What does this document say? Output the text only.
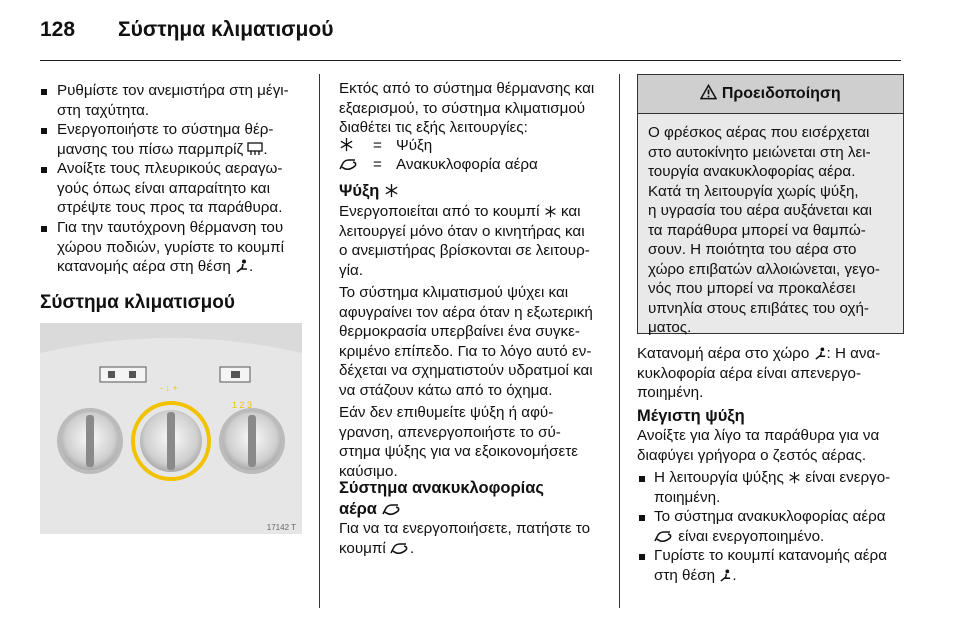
128 Σύστημα κλιματισμού
Ρυθμίστε τον ανεμιστήρα στη μέγι-
στη ταχύτητα.
Ενεργοποιήστε το σύστημα θέρ-
μανσης του πίσω παρμπρίζ .
Ανοίξτε τους πλευρικούς αεραγω-
γούς όπως είναι απαραίτητο και
στρέψτε τους προς τα παράθυρα.
Για την ταυτόχρονη θέρμανση του
χώρου ποδιών, γυρίστε το κουμπί
κατανομής αέρα στη θέση .
Σύστημα κλιματισμού
1 2 3
- ↓ +
17142 T
Εκτός από το σύστημα θέρμανσης και
εξαερισμού, το σύστημα κλιματισμού
διαθέτει τις εξής λειτουργίες:
= Ψύξη
= Ανακυκλοφορία αέρα
Ψύξη
Ενεργοποιείται από το κουμπί και
λειτουργεί μόνο όταν ο κινητήρας και
ο ανεμιστήρας βρίσκονται σε λειτουρ-
γία.
Το σύστημα κλιματισμού ψύχει και
αφυγραίνει τον αέρα όταν η εξωτερική
θερμοκρασία υπερβαίνει ένα συγκε-
κριμένο επίπεδο. Για το λόγο αυτό εν-
δέχεται να σχηματιστούν υδρατμοί και
να στάζουν κάτω από το όχημα.
Εάν δεν επιθυμείτε ψύξη ή αφύ-
γρανση, απενεργοποιήστε το σύ-
στημα ψύξης για να εξοικονομήσετε
καύσιμο.
Σύστημα ανακυκλοφορίας
αέρα
Για να τα ενεργοποιήσετε, πατήστε το
κουμπί .
Προειδοποίηση
Ο φρέσκος αέρας που εισέρχεται
στο αυτοκίνητο μειώνεται στη λει-
τουργία ανακυκλοφορίας αέρα.
Κατά τη λειτουργία χωρίς ψύξη,
η υγρασία του αέρα αυξάνεται και
τα παράθυρα μπορεί να θαμπώ-
σουν. Η ποιότητα του αέρα στο
χώρο επιβατών αλλοιώνεται, γεγο-
νός που μπορεί να προκαλέσει
υπνηλία στους επιβάτες του οχή-
ματος.
Κατανομή αέρα στο χώρο : Η ανα-
κυκλοφορία αέρα είναι απενεργο-
ποιημένη.
Μέγιστη ψύξη
Ανοίξτε για λίγο τα παράθυρα για να
διαφύγει γρήγορα ο ζεστός αέρας.
Η λειτουργία ψύξης είναι ενεργο-
ποιημένη.
Το σύστημα ανακυκλοφορίας αέρα
είναι ενεργοποιημένο.
Γυρίστε το κουμπί κατανομής αέρα
στη θέση .
